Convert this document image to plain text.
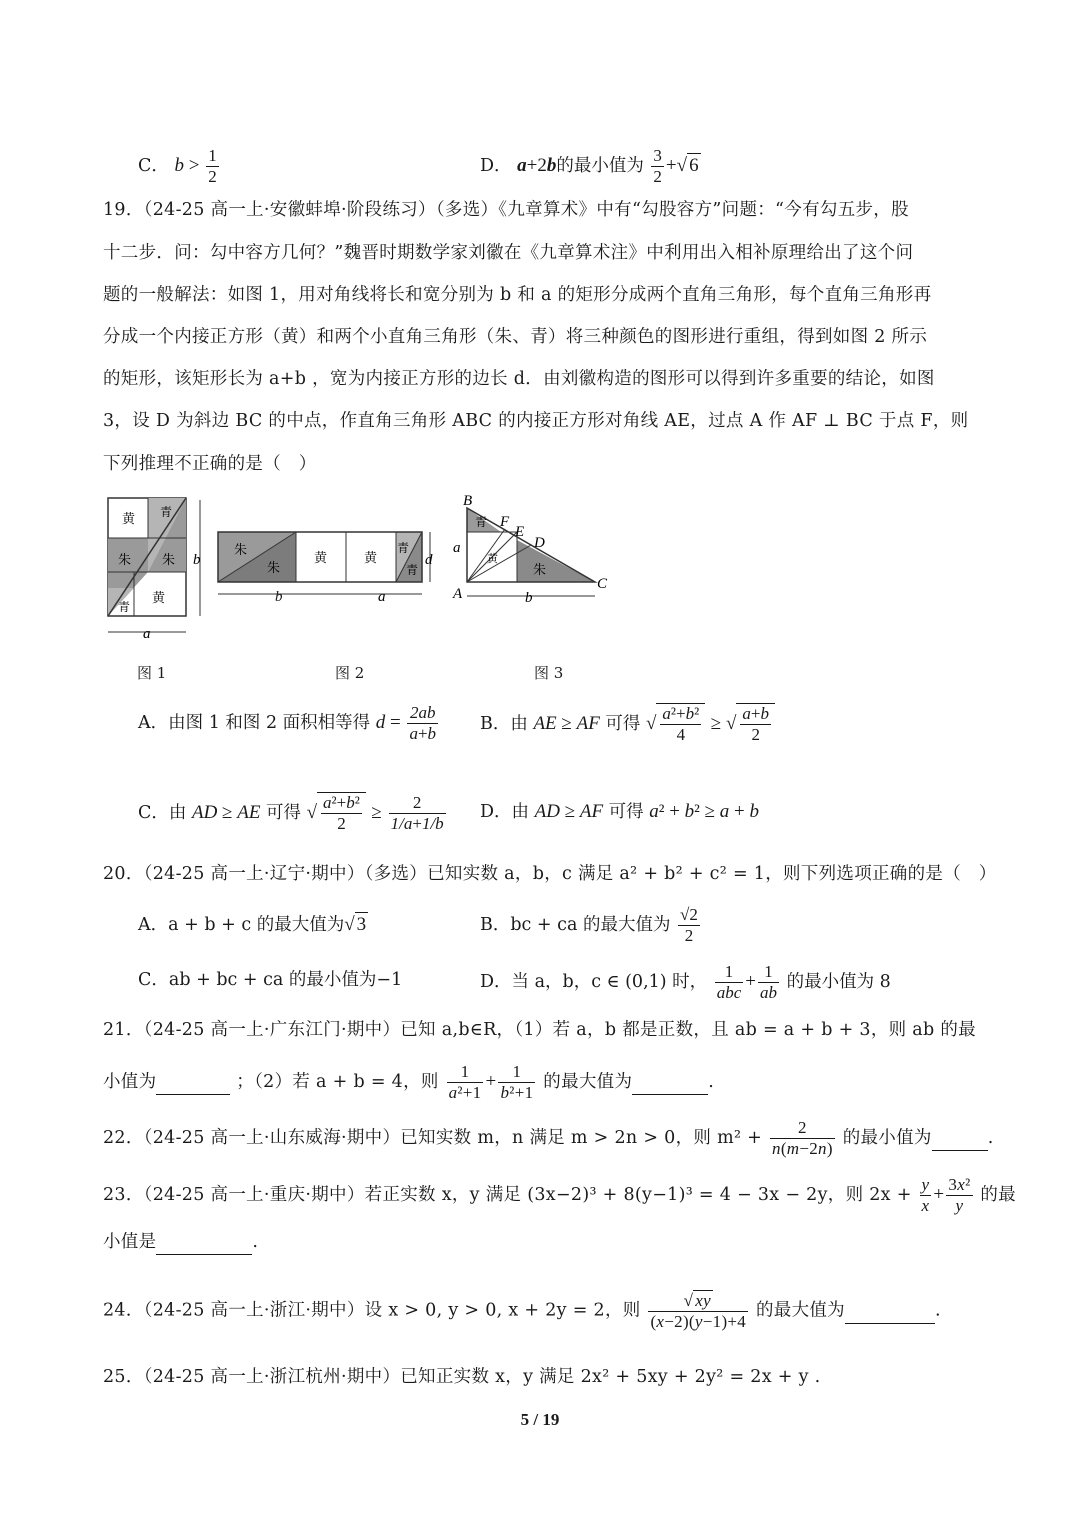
C． $b > \frac{1}{2}$	D． a+2b的最小值为 $\frac{3}{2}$ +√ 6
19．（24-25 高一上·安徽蚌埠·阶段练习）（多选）《九章算术》中有“勾股容方”问题：“今有勾五步，股
十二步．问：勾中容方几何？”魏晋时期数学家刘徽在《九章算术注》中利用出入相补原理给出了这个问
题的一般解法：如图 1，用对角线将长和宽分别为 b 和 a 的矩形分成两个直角三角形，每个直角三角形再
分成一个内接正方形（黄）和两个小直角三角形（朱、青）将三种颜色的图形进行重组，得到如图 2 所示
的矩形，该矩形长为 a+b ，宽为内接正方形的边长 d．由刘徽构造的图形可以得到许多重要的结论，如图
3，设 D 为斜边 BC 的中点，作直角三角形 ABC 的内接正方形对角线 AE，过点 A 作 AF ⊥ BC 于点 F，则
下列推理不正确的是（　）
黄 青
朱 朱
青
黄
b
a
图 1
朱
朱
黄	黄
青
青
d
b	a
图 2
B
F
E
D
C
A
a
青
朱
黄
b
图 3
A．由图 1 和图 2 面积相等得 $d = \frac{2ab}{a+b}$ B．由 AE ≥ AF 可得 √ $\frac{\text{a²+b²}}{4}$ ≥ √ $\frac{a+b}{2}$
C．由 AD ≥ AE 可得 √ $\frac{\text{a²+b²}}{2} \ge \frac{2}{1/a+1/b}$ D．由 AD ≥ AF 可得 a² + b² ≥ a + b
20．（24-25 高一上·辽宁·期中）（多选）已知实数 a，b，c 满足 a² + b² + c² = 1，则下列选项正确的是（　）
A．a + b + c 的最大值为√ 3	B．bc + ca 的最大值为 $\frac{√2}{2}$
C．ab + bc + ca 的最小值为−1	D．当 a，b，c ∈ (0,1) 时， $\frac{1}{\text{abc}} + \frac{1}{ab}$ 的最小值为 8
21．（24-25 高一上·广东江门·期中）已知 a,b∈R，（1）若 a，b 都是正数，且 ab = a + b + 3，则 ab 的最
小值为	；（2）若 a + b = 4，则 $\frac{1}{\text{a²+1}} + \frac{1}{\text{b²+1}}$ 的最大值为	.
22．（24-25 高一上·山东威海·期中）已知实数 m，n 满足 m > 2n > 0，则 $m^2 + \frac{2}{n(m-2n)}$ 的最小值为	.
23．（24-25 高一上·重庆·期中）若正实数 x，y 满足 (3x−2)³ + 8(y−1)³ = 4 − 3x − 2y，则 $2x + \frac{y}{x} + \frac{\text{3x²}}{y}$ 的最
小值是	.
24．（24-25 高一上·浙江·期中）设 x > 0, y > 0, x + 2y = 2，则 $\frac{√ xy}{(x-2)(y-1)+4}$ 的最大值为	.
25．（24-25 高一上·浙江杭州·期中）已知正实数 x，y 满足 2x² + 5xy + 2y² = 2x + y .
5 / 19
